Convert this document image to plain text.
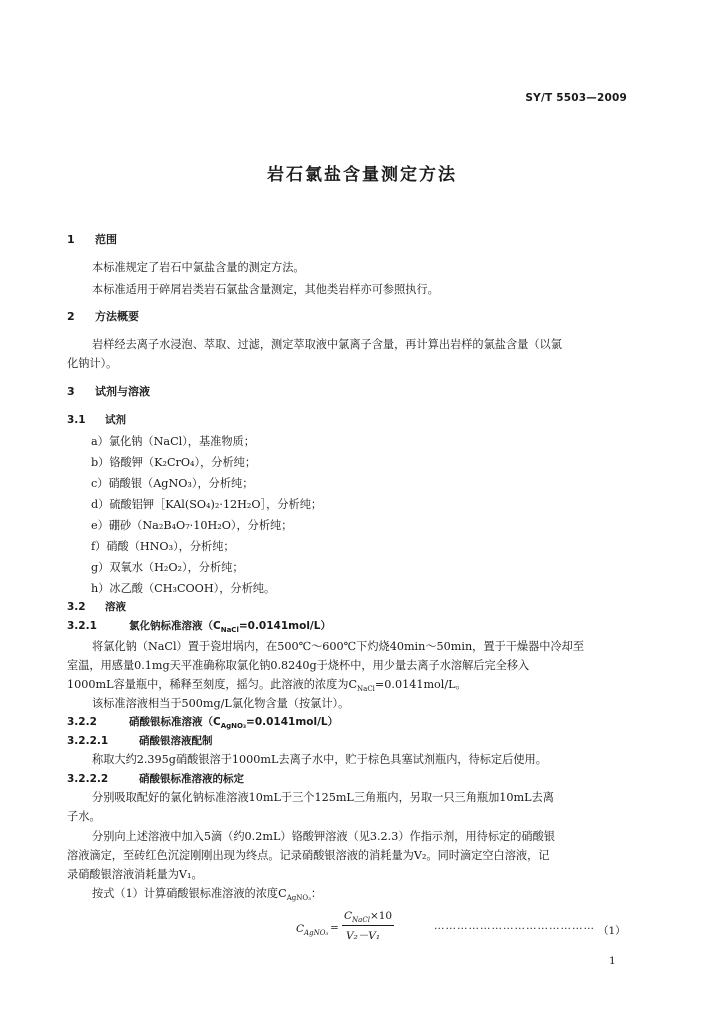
SY/T 5503—2009
岩石氯盐含量测定方法
1 范围
本标准规定了岩石中氯盐含量的测定方法。
本标准适用于碎屑岩类岩石氯盐含量测定，其他类岩样亦可参照执行。
2 方法概要
岩样经去离子水浸泡、萃取、过滤，测定萃取液中氯离子含量，再计算出岩样的氯盐含量（以氯
化钠计）。
3 试剂与溶液
3.1 试剂
a）氯化钠（NaCl），基准物质；
b）铬酸钾（K₂CrO₄），分析纯；
c）硝酸银（AgNO₃），分析纯；
d）硫酸铝钾［KAl(SO₄)₂·12H₂O］，分析纯；
e）硼砂（Na₂B₄O₇·10H₂O），分析纯；
f）硝酸（HNO₃），分析纯；
g）双氧水（H₂O₂），分析纯；
h）冰乙酸（CH₃COOH），分析纯。
3.2 溶液
3.2.1	氯化钠标准溶液$(C_{NaCl}=0.0141mol/L)$
将氯化钠（NaCl）置于瓷坩埚内，在500℃～600℃下灼烧40min～50min，置于干燥器中冷却至
室温，用感量0.1mg天平准确称取氯化钠0.8240g于烧杯中，用少量去离子水溶解后完全移入
1000mL容量瓶中，稀释至刻度，摇匀。此溶液的浓度为$C_{NaCl}=0.0141mol/L$。
该标准溶液相当于500mg/L氯化物含量（按氯计）。
3.2.2	硝酸银标准溶液$(C_{AgNO_3}=0.0141mol/L)$
3.2.2.1	硝酸银溶液配制
称取大约2.395g硝酸银溶于1000mL去离子水中，贮于棕色具塞试剂瓶内，待标定后使用。
3.2.2.2	硝酸银标准溶液的标定
分别吸取配好的氯化钠标准溶液10mL于三个125mL三角瓶内，另取一只三角瓶加10mL去离
子水。
分别向上述溶液中加入5滴（约0.2mL）铬酸钾溶液（见3.2.3）作指示剂，用待标定的硝酸银
溶液滴定，至砖红色沉淀刚刚出现为终点。记录硝酸银溶液的消耗量为V₂。同时滴定空白溶液，记
录硝酸银溶液消耗量为V₁。
按式（1）计算硝酸银标准溶液的浓度$C_{AgNO_3}$：
$C_{AgNO_3}$ =
$C_{NaCl}\times 10$
V₂－V₁
…………………………………… （1）
1
